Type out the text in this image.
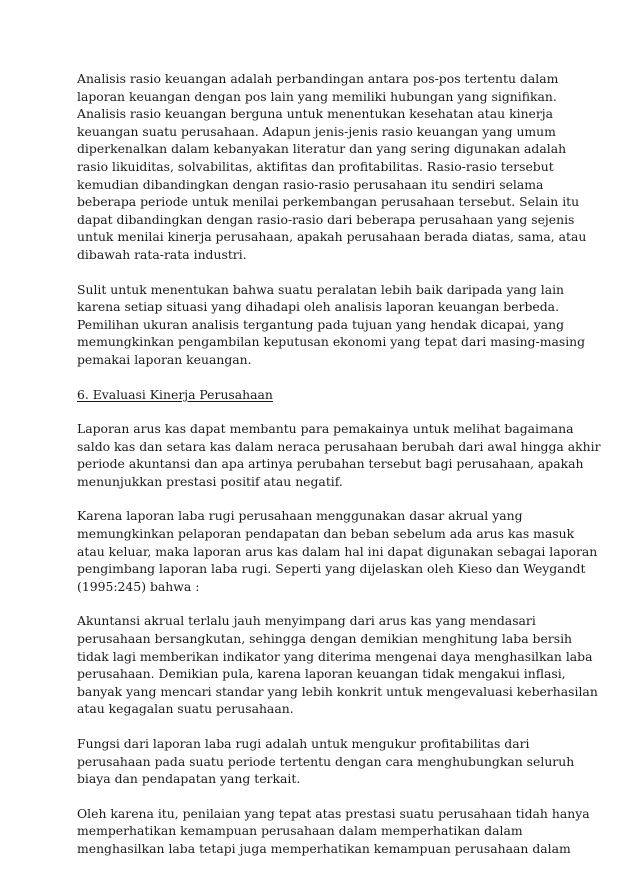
Analisis rasio keuangan adalah perbandingan antara pos-pos tertentu dalam
laporan keuangan dengan pos lain yang memiliki hubungan yang signifikan.
Analisis rasio keuangan berguna untuk menentukan kesehatan atau kinerja
keuangan suatu perusahaan. Adapun jenis-jenis rasio keuangan yang umum
diperkenalkan dalam kebanyakan literatur dan yang sering digunakan adalah
rasio likuiditas, solvabilitas, aktifitas dan profitabilitas. Rasio-rasio tersebut
kemudian dibandingkan dengan rasio-rasio perusahaan itu sendiri selama
beberapa periode untuk menilai perkembangan perusahaan tersebut. Selain itu
dapat dibandingkan dengan rasio-rasio dari beberapa perusahaan yang sejenis
untuk menilai kinerja perusahaan, apakah perusahaan berada diatas, sama, atau
dibawah rata-rata industri.
Sulit untuk menentukan bahwa suatu peralatan lebih baik daripada yang lain
karena setiap situasi yang dihadapi oleh analisis laporan keuangan berbeda.
Pemilihan ukuran analisis tergantung pada tujuan yang hendak dicapai, yang
memungkinkan pengambilan keputusan ekonomi yang tepat dari masing-masing
pemakai laporan keuangan.
6. Evaluasi Kinerja Perusahaan
Laporan arus kas dapat membantu para pemakainya untuk melihat bagaimana
saldo kas dan setara kas dalam neraca perusahaan berubah dari awal hingga akhir
periode akuntansi dan apa artinya perubahan tersebut bagi perusahaan, apakah
menunjukkan prestasi positif atau negatif.
Karena laporan laba rugi perusahaan menggunakan dasar akrual yang
memungkinkan pelaporan pendapatan dan beban sebelum ada arus kas masuk
atau keluar, maka laporan arus kas dalam hal ini dapat digunakan sebagai laporan
pengimbang laporan laba rugi. Seperti yang dijelaskan oleh Kieso dan Weygandt
(1995:245) bahwa :
Akuntansi akrual terlalu jauh menyimpang dari arus kas yang mendasari
perusahaan bersangkutan, sehingga dengan demikian menghitung laba bersih
tidak lagi memberikan indikator yang diterima mengenai daya menghasilkan laba
perusahaan. Demikian pula, karena laporan keuangan tidak mengakui inflasi,
banyak yang mencari standar yang lebih konkrit untuk mengevaluasi keberhasilan
atau kegagalan suatu perusahaan.
Fungsi dari laporan laba rugi adalah untuk mengukur profitabilitas dari
perusahaan pada suatu periode tertentu dengan cara menghubungkan seluruh
biaya dan pendapatan yang terkait.
Oleh karena itu, penilaian yang tepat atas prestasi suatu perusahaan tidah hanya
memperhatikan kemampuan perusahaan dalam memperhatikan dalam
menghasilkan laba tetapi juga memperhatikan kemampuan perusahaan dalam
